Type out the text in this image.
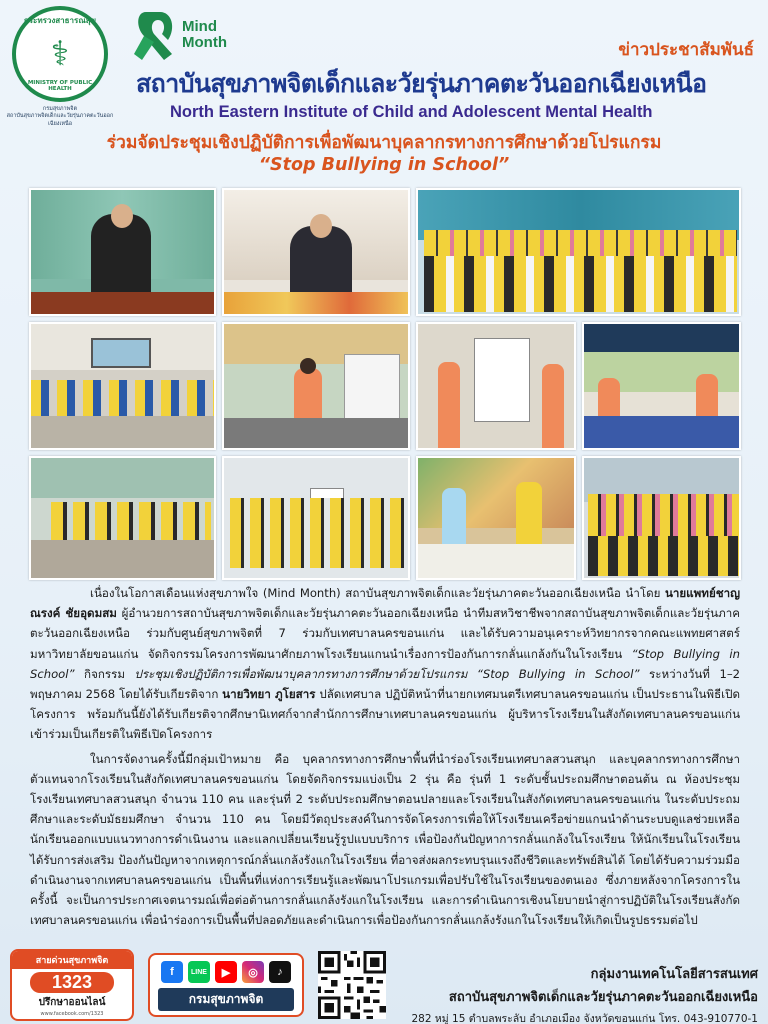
กระทรวงสาธารณสุข
⚕
MINISTRY OF PUBLIC HEALTH
กรมสุขภาพจิต
สถาบันสุขภาพจิตเด็กและวัยรุ่นภาคตะวันออกเฉียงเหนือ
Mind
Month	ข่าวประชาสัมพันธ์
สถาบันสุขภาพจิตเด็กและวัยรุ่นภาคตะวันออกเฉียงเหนือ
North Eastern Institute of Child and Adolescent Mental Health
ร่วมจัดประชุมเชิงปฏิบัติการเพื่อพัฒนาบุคลากรทางการศึกษาด้วยโปรแกรม
“Stop Bullying in School”

เนื่องในโอกาสเดือนแห่งสุขภาพใจ (Mind Month) สถาบันสุขภาพจิตเด็กและวัยรุ่นภาคตะวันออกเฉียงเหนือ นำโดย นายแพทย์ชาญณรงค์ ชัยอุดมสม ผู้อำนวยการสถาบันสุขภาพจิตเด็กและวัยรุ่นภาคตะวันออกเฉียงเหนือ นำทีมสหวิชาชีพจากสถาบันสุขภาพจิตเด็กและวัยรุ่นภาคตะวันออกเฉียงเหนือ ร่วมกับศูนย์สุขภาพจิตที่ 7 ร่วมกับเทศบาลนครขอนแก่น และได้รับความอนุเคราะห์วิทยากรจากคณะแพทยศาสตร์ มหาวิทยาลัยขอนแก่น จัดกิจกรรมโครงการพัฒนาศักยภาพโรงเรียนแกนนำเรื่องการป้องกันการกลั่นแกล้งกันในโรงเรียน “Stop Bullying in School” กิจกรรม ประชุมเชิงปฏิบัติการเพื่อพัฒนาบุคลากรทางการศึกษาด้วยโปรแกรม “Stop Bullying in School” ระหว่างวันที่ 1–2 พฤษภาคม 2568 โดยได้รับเกียรติจาก นายวิทยา ภูโยสาร ปลัดเทศบาล ปฏิบัติหน้าที่นายกเทศมนตรีเทศบาลนครขอนแก่น เป็นประธานในพิธีเปิดโครงการ พร้อมกันนี้ยังได้รับเกียรติจากศึกษานิเทศก์จากสำนักการศึกษาเทศบาลนครขอนแก่น ผู้บริหารโรงเรียนในสังกัดเทศบาลนครขอนแก่น เข้าร่วมเป็นเกียรติในพิธีเปิดโครงการ

ในการจัดงานครั้งนี้มีกลุ่มเป้าหมาย คือ บุคลากรทางการศึกษาพื้นที่นำร่องโรงเรียนเทศบาลสวนสนุก และบุคลากรทางการศึกษาตัวแทนจากโรงเรียนในสังกัดเทศบาลนครขอนแก่น โดยจัดกิจกรรมแบ่งเป็น 2 รุ่น คือ รุ่นที่ 1 ระดับชั้นประถมศึกษาตอนต้น ณ ห้องประชุมโรงเรียนเทศบาลสวนสนุก จำนวน 110 คน และรุ่นที่ 2 ระดับประถมศึกษาตอนปลายและโรงเรียนในสังกัดเทศบาลนครขอนแก่น ในระดับประถมศึกษาและระดับมัธยมศึกษา จำนวน 110 คน โดยมีวัตถุประสงค์ในการจัดโครงการเพื่อให้โรงเรียนเครือข่ายแกนนำด้านระบบดูแลช่วยเหลือนักเรียนออกแบบแนวทางการดำเนินงาน และแลกเปลี่ยนเรียนรู้รูปแบบบริการ เพื่อป้องกันปัญหาการกลั่นแกล้งในโรงเรียน ให้นักเรียนในโรงเรียนได้รับการส่งเสริม ป้องกันปัญหาจากเหตุการณ์กลั่นแกล้งรังแกในโรงเรียน ที่อาจส่งผลกระทบรุนแรงถึงชีวิตและทรัพย์สินได้ โดยได้รับความร่วมมือดำเนินงานจากเทศบาลนครขอนแก่น เป็นพื้นที่แห่งการเรียนรู้และพัฒนาโปรแกรมเพื่อปรับใช้ในโรงเรียนของตนเอง ซึ่งภายหลังจากโครงการในครั้งนี้ จะเป็นการประกาศเจตนารมณ์เพื่อต่อต้านการกลั่นแกล้งรังแกในโรงเรียน และการดำเนินการเชิงนโยบายนำสู่การปฏิบัติในโรงเรียนสังกัดเทศบาลนครขอนแก่น เพื่อนำร่องการเป็นพื้นที่ปลอดภัยและดำเนินการเพื่อป้องกันการกลั่นแกล้งรังแกในโรงเรียนให้เกิดเป็นรูปธรรมต่อไป

สายด่วนสุขภาพจิต
1323
ปรึกษาออนไลน์
www.facebook.com/1323
f	LINE	▶	◎	♪
กรมสุขภาพจิต
กลุ่มงานเทคโนโลยีสารสนเทศ
สถาบันสุขภาพจิตเด็กและวัยรุ่นภาคตะวันออกเฉียงเหนือ
282 หมู่ 15 ตำบลพระลับ อำเภอเมือง จังหวัดขอนแก่น โทร. 043-910770-1
